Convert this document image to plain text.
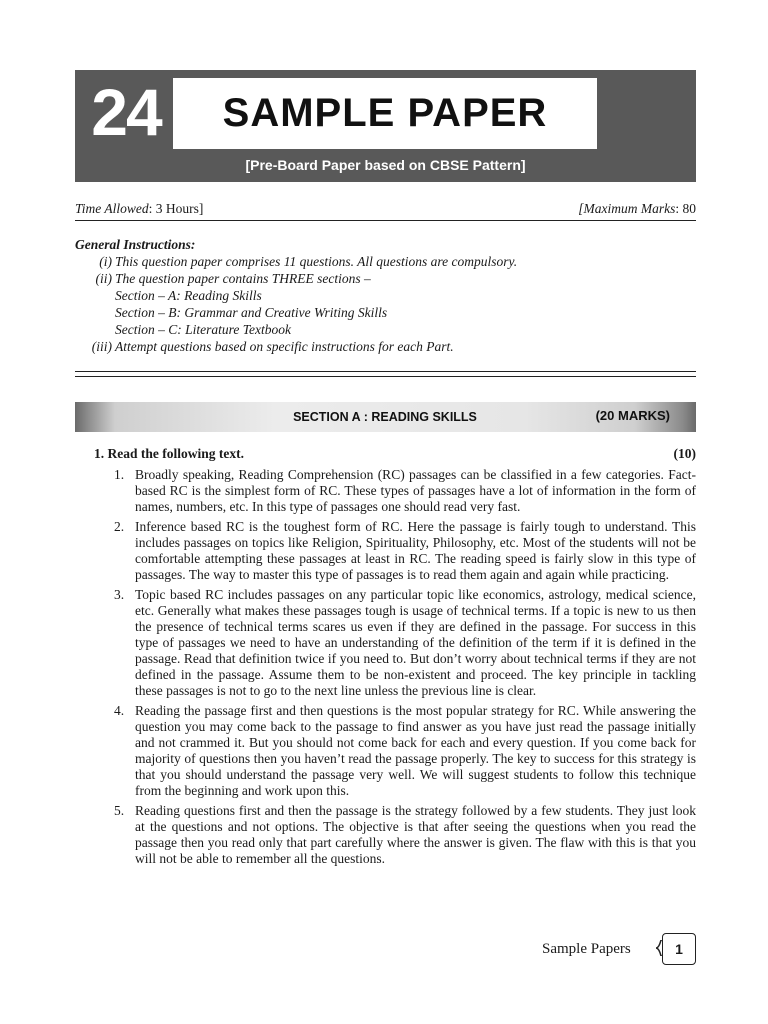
24	SAMPLE PAPER
[Pre-Board Paper based on CBSE Pattern]
Time Allowed: 3 Hours]	[Maximum Marks: 80
General Instructions:
(i) This question paper comprises 11 questions. All questions are compulsory.
(ii) The question paper contains THREE sections –
Section – A: Reading Skills
Section – B: Grammar and Creative Writing Skills
Section – C: Literature Textbook
(iii) Attempt questions based on specific instructions for each Part.
SECTION A : READING SKILLS	(20 MARKS)
1. Read the following text.	(10)
1. Broadly speaking, Reading Comprehension (RC) passages can be classified in a few categories. Fact-based RC is the simplest form of RC. These types of passages have a lot of information in the form of names, numbers, etc. In this type of passages one should read very fast.
2. Inference based RC is the toughest form of RC. Here the passage is fairly tough to understand. This includes passages on topics like Religion, Spirituality, Philosophy, etc. Most of the students will not be comfortable attempting these passages at least in RC. The reading speed is fairly slow in this type of passages. The way to master this type of passages is to read them again and again while practicing.
3. Topic based RC includes passages on any particular topic like economics, astrology, medical science, etc. Generally what makes these passages tough is usage of technical terms. If a topic is new to us then the presence of technical terms scares us even if they are defined in the passage. For success in this type of passages we need to have an understanding of the definition of the term if it is defined in the passage. Read that definition twice if you need to. But don’t worry about technical terms if they are not defined in the passage. Assume them to be non-existent and proceed. The key principle in tackling these passages is not to go to the next line unless the previous line is clear.
4. Reading the passage first and then questions is the most popular strategy for RC. While answering the question you may come back to the passage to find answer as you have just read the passage initially and not crammed it. But you should not come back for each and every question. If you come back for majority of questions then you haven’t read the passage properly. The key to success for this strategy is that you should understand the passage very well. We will suggest students to follow this technique from the beginning and work upon this.
5. Reading questions first and then the passage is the strategy followed by a few students. They just look at the questions and not options. The objective is that after seeing the questions when you read the passage then you read only that part carefully where the answer is given. The flaw with this is that you will not be able to remember all the questions.
Sample Papers	1
